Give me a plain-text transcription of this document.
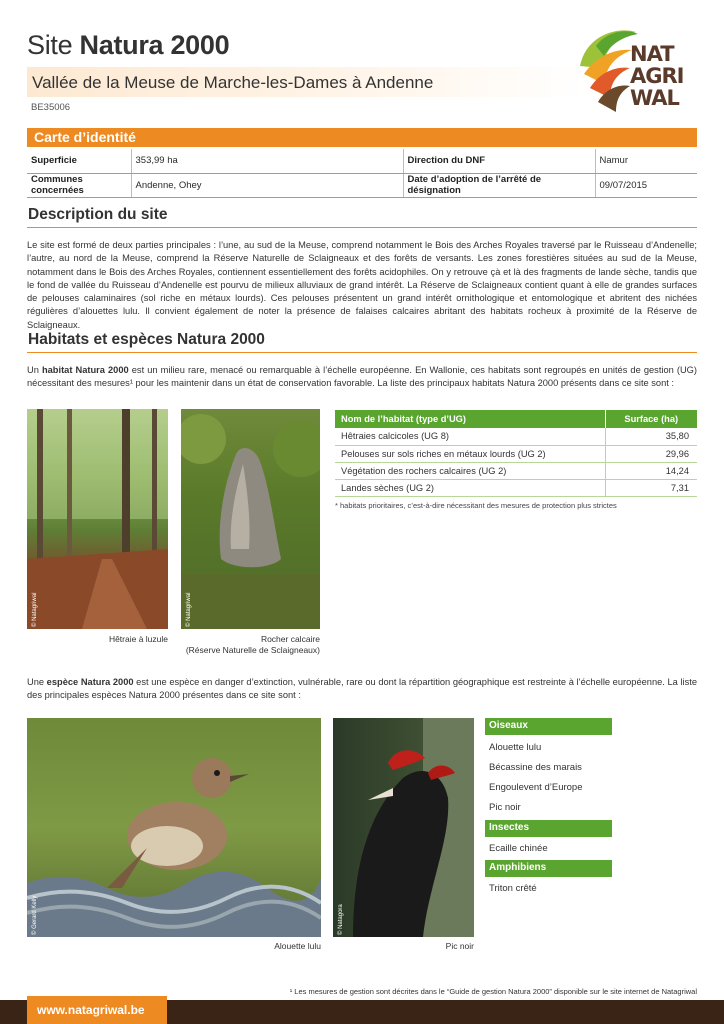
Site Natura 2000
Vallée de la Meuse de Marche-les-Dames à Andenne
BE35006
NAT
AGRI
WAL
Carte d’identité
Superficie	353,99 ha	Direction du DNF	Namur
Communes concernées	Andenne, Ohey	Date d’adoption de l’arrêté de désignation	09/07/2015
Description du site
Le site est formé de deux parties principales : l’une, au sud de la Meuse, comprend notamment le Bois des Arches Royales traversé par le Ruisseau d’Andenelle; l’autre, au nord de la Meuse, comprend la Réserve Naturelle de Sclaigneaux et des forêts de versants. Les zones forestières situées au sud de la Meuse, notamment dans le Bois des Arches Royales, contiennent essentiellement des forêts acidophiles. On y retrouve çà et là des fragments de lande sèche, tandis que le fond de vallée du Ruisseau d’Andenelle est pourvu de milieux alluviaux de grand intérêt. La Réserve de Sclaigneaux contient quant à elle de grandes surfaces de pelouses calaminaires (sol riche en métaux lourds). Ces pelouses présentent un grand intérêt ornithologique et entomologique et abritent des nichées régulières d’alouettes lulu. Il convient également de noter la présence de falaises calcaires abritant des habitats rocheux à proximité de la Réserve de Sclaigneaux.
Habitats et espèces Natura 2000
Un habitat Natura 2000 est un milieu rare, menacé ou remarquable à l’échelle européenne. En Wallonie, ces habitats sont regroupés en unités de gestion (UG) nécessitant des mesures¹ pour les maintenir dans un état de conservation favorable. La liste des principaux habitats Natura 2000 présents dans ce site sont :
© Natagriwal
Hêtraie à luzule
© Natagriwal
Rocher calcaire
(Réserve Naturelle de Sclaigneaux)
Nom de l’habitat (type d’UG)	Surface (ha)
Hêtraies calcicoles (UG 8)	35,80
Pelouses sur sols riches en métaux lourds (UG 2)	29,96
Végétation des rochers calcaires (UG 2)	14,24
Landes sèches (UG 2)	7,31
* habitats prioritaires, c’est-à-dire nécessitant des mesures de protection plus strictes
Une espèce Natura 2000 est une espèce en danger d’extinction, vulnérable, rare ou dont la répartition géographique est restreinte à l’échelle européenne. La liste des principales espèces Natura 2000 présentes dans ce site sont :
© Gerard Kelly
Alouette lulu
© Natagora
Pic noir
Oiseaux
Alouette lulu
Bécassine des marais
Engoulevent d’Europe
Pic noir
Insectes
Ecaille chinée
Amphibiens
Triton crêté
¹ Les mesures de gestion sont décrites dans le “Guide de gestion Natura 2000” disponible sur le site internet de Natagriwal
www.natagriwal.be
